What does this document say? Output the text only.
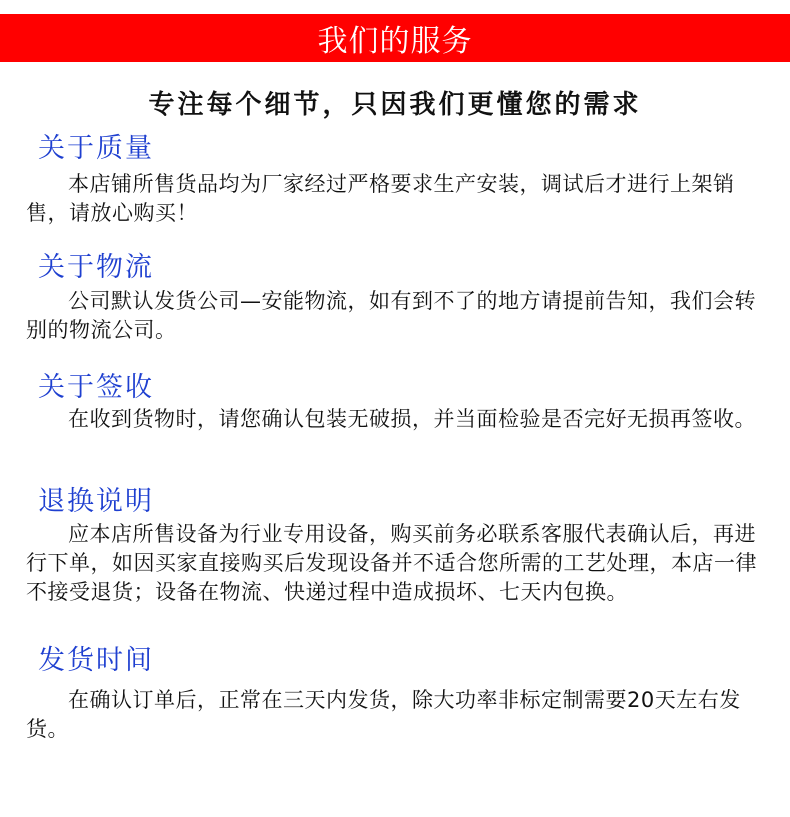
我们的服务
专注每个细节，只因我们更懂您的需求
关于质量
本店铺所售货品均为厂家经过严格要求生产安装，调试后才进行上架销售，请放心购买！
关于物流
公司默认发货公司—安能物流，如有到不了的地方请提前告知，我们会转别的物流公司。
关于签收
在收到货物时，请您确认包装无破损，并当面检验是否完好无损再签收。
退换说明
应本店所售设备为行业专用设备，购买前务必联系客服代表确认后，再进行下单，如因买家直接购买后发现设备并不适合您所需的工艺处理，本店一律不接受退货；设备在物流、快递过程中造成损坏、七天内包换。
发货时间
在确认订单后，正常在三天内发货，除大功率非标定制需要20天左右发货。
